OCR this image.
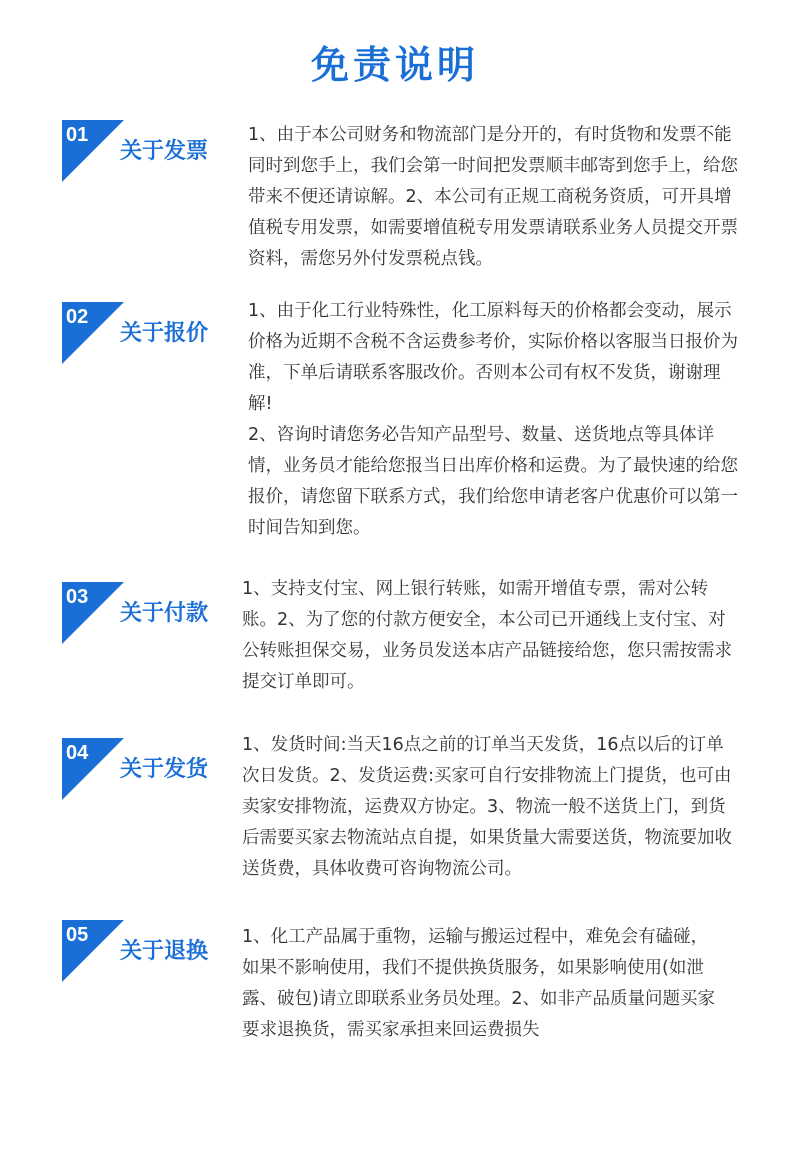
免责说明
01
关于发票

1、由于本公司财务和物流部门是分开的，有时货物和发票不能同时到您手上，我们会第一时间把发票顺丰邮寄到您手上，给您带来不便还请谅解。2、本公司有正规工商税务资质，可开具增值税专用发票，如需要增值税专用发票请联系业务人员提交开票资料，需您另外付发票税点钱。

02
关于报价

1、由于化工行业特殊性，化工原料每天的价格都会变动，展示价格为近期不含税不含运费参考价，实际价格以客服当日报价为准，下单后请联系客服改价。否则本公司有权不发货，谢谢理解!

2、咨询时请您务必告知产品型号、数量、送货地点等具体详情，业务员才能给您报当日出库价格和运费。为了最快速的给您报价，请您留下联系方式，我们给您申请老客户优惠价可以第一时间告知到您。

03
关于付款

1、支持支付宝、网上银行转账，如需开增值专票，需对公转账。2、为了您的付款方便安全，本公司已开通线上支付宝、对公转账担保交易，业务员发送本店产品链接给您，您只需按需求提交订单即可。

04
关于发货

1、发货时间:当天16点之前的订单当天发货，16点以后的订单次日发货。2、发货运费:买家可自行安排物流上门提货，也可由卖家安排物流，运费双方协定。3、物流一般不送货上门，到货后需要买家去物流站点自提，如果货量大需要送货，物流要加收送货费，具体收费可咨询物流公司。

05
关于退换

1、化工产品属于重物，运输与搬运过程中，难免会有磕碰，如果不影响使用，我们不提供换货服务，如果影响使用(如泄露、破包)请立即联系业务员处理。2、如非产品质量问题买家要求退换货，需买家承担来回运费损失
